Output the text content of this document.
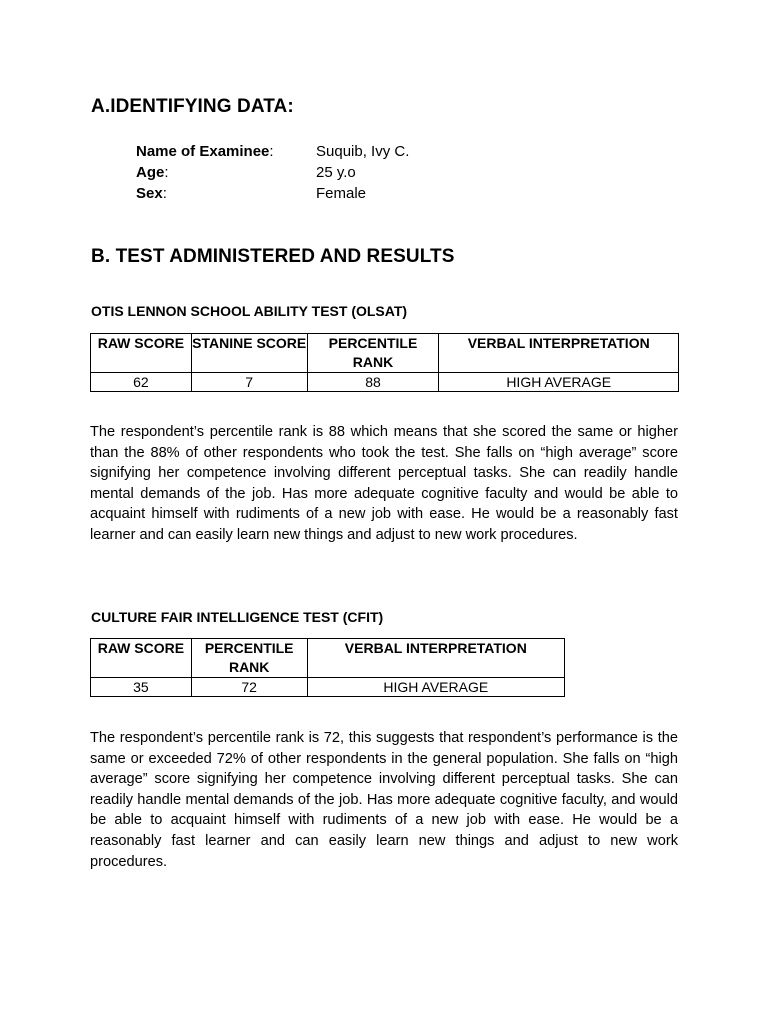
A.IDENTIFYING DATA:
Name of Examinee:	Suquib, Ivy C.
Age:	25 y.o
Sex:	Female
B. TEST ADMINISTERED AND RESULTS
OTIS LENNON SCHOOL ABILITY TEST (OLSAT)
RAW SCORE	STANINE SCORE	PERCENTILE RANK	VERBAL INTERPRETATION
62	7	88	HIGH AVERAGE

The respondent’s percentile rank is 88 which means that she scored the same or higher than the 88% of other respondents who took the test. She falls on “high average” score signifying her competence involving different perceptual tasks. She can readily handle mental demands of the job. Has more adequate cognitive faculty and would be able to acquaint himself with rudiments of a new job with ease. He would be a reasonably fast learner and can easily learn new things and adjust to new work procedures.

CULTURE FAIR INTELLIGENCE TEST (CFIT)
RAW SCORE	PERCENTILE RANK	VERBAL INTERPRETATION
35	72	HIGH AVERAGE

The respondent’s percentile rank is 72, this suggests that respondent’s performance is the same or exceeded 72% of other respondents in the general population. She falls on “high average” score signifying her competence involving different perceptual tasks. She can readily handle mental demands of the job. Has more adequate cognitive faculty, and would be able to acquaint himself with rudiments of a new job with ease. He would be a reasonably fast learner and can easily learn new things and adjust to new work procedures.
